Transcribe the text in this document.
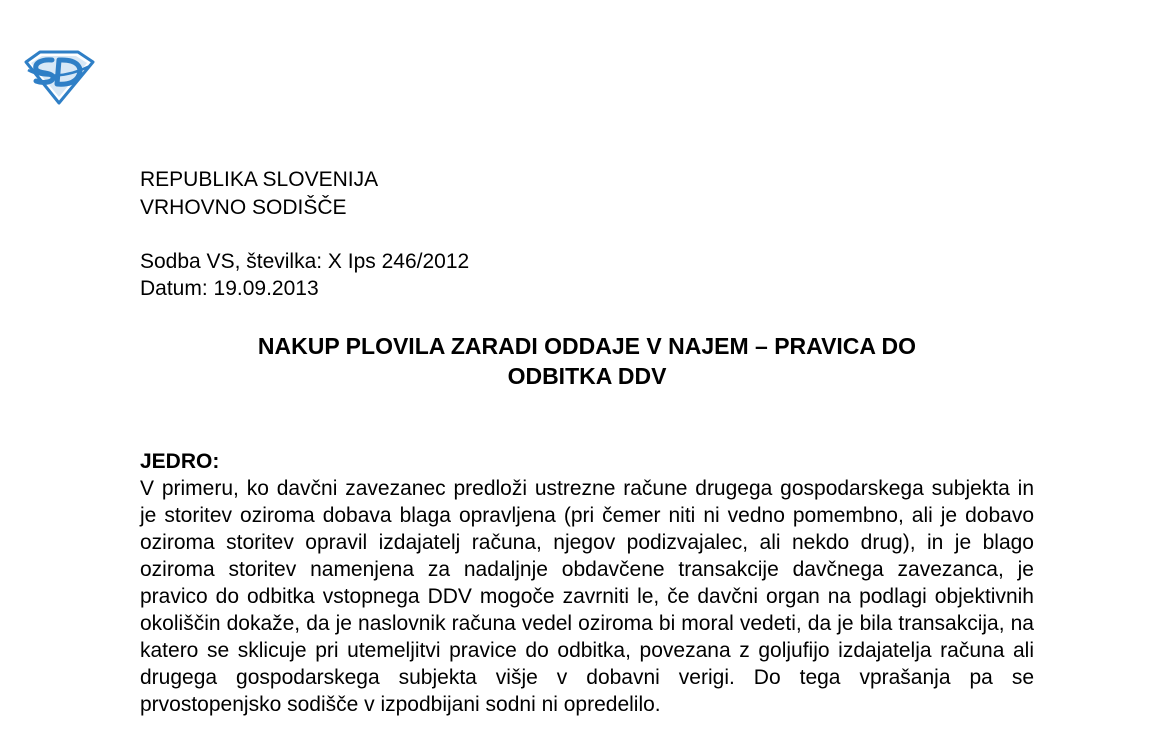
REPUBLIKA SLOVENIJA
VRHOVNO SODIŠČE
Sodba VS, številka: X Ips 246/2012
Datum: 19.09.2013
NAKUP PLOVILA ZARADI ODDAJE V NAJEM – PRAVICA DO
ODBITKA DDV
JEDRO:

V primeru, ko davčni zavezanec predloži ustrezne račune drugega gospodarskega subjekta in je storitev oziroma dobava blaga opravljena (pri čemer niti ni vedno pomembno, ali je dobavo oziroma storitev opravil izdajatelj računa, njegov podizvajalec, ali nekdo drug), in je blago oziroma storitev namenjena za nadaljnje obdavčene transakcije davčnega zavezanca, je pravico do odbitka vstopnega DDV mogoče zavrniti le, če davčni organ na podlagi objektivnih okoliščin dokaže, da je naslovnik računa vedel oziroma bi moral vedeti, da je bila transakcija, na katero se sklicuje pri utemeljitvi pravice do odbitka, povezana z goljufijo izdajatelja računa ali drugega gospodarskega subjekta višje v dobavni verigi. Do tega vprašanja pa se prvostopenjsko sodišče v izpodbijani sodni ni opredelilo.
